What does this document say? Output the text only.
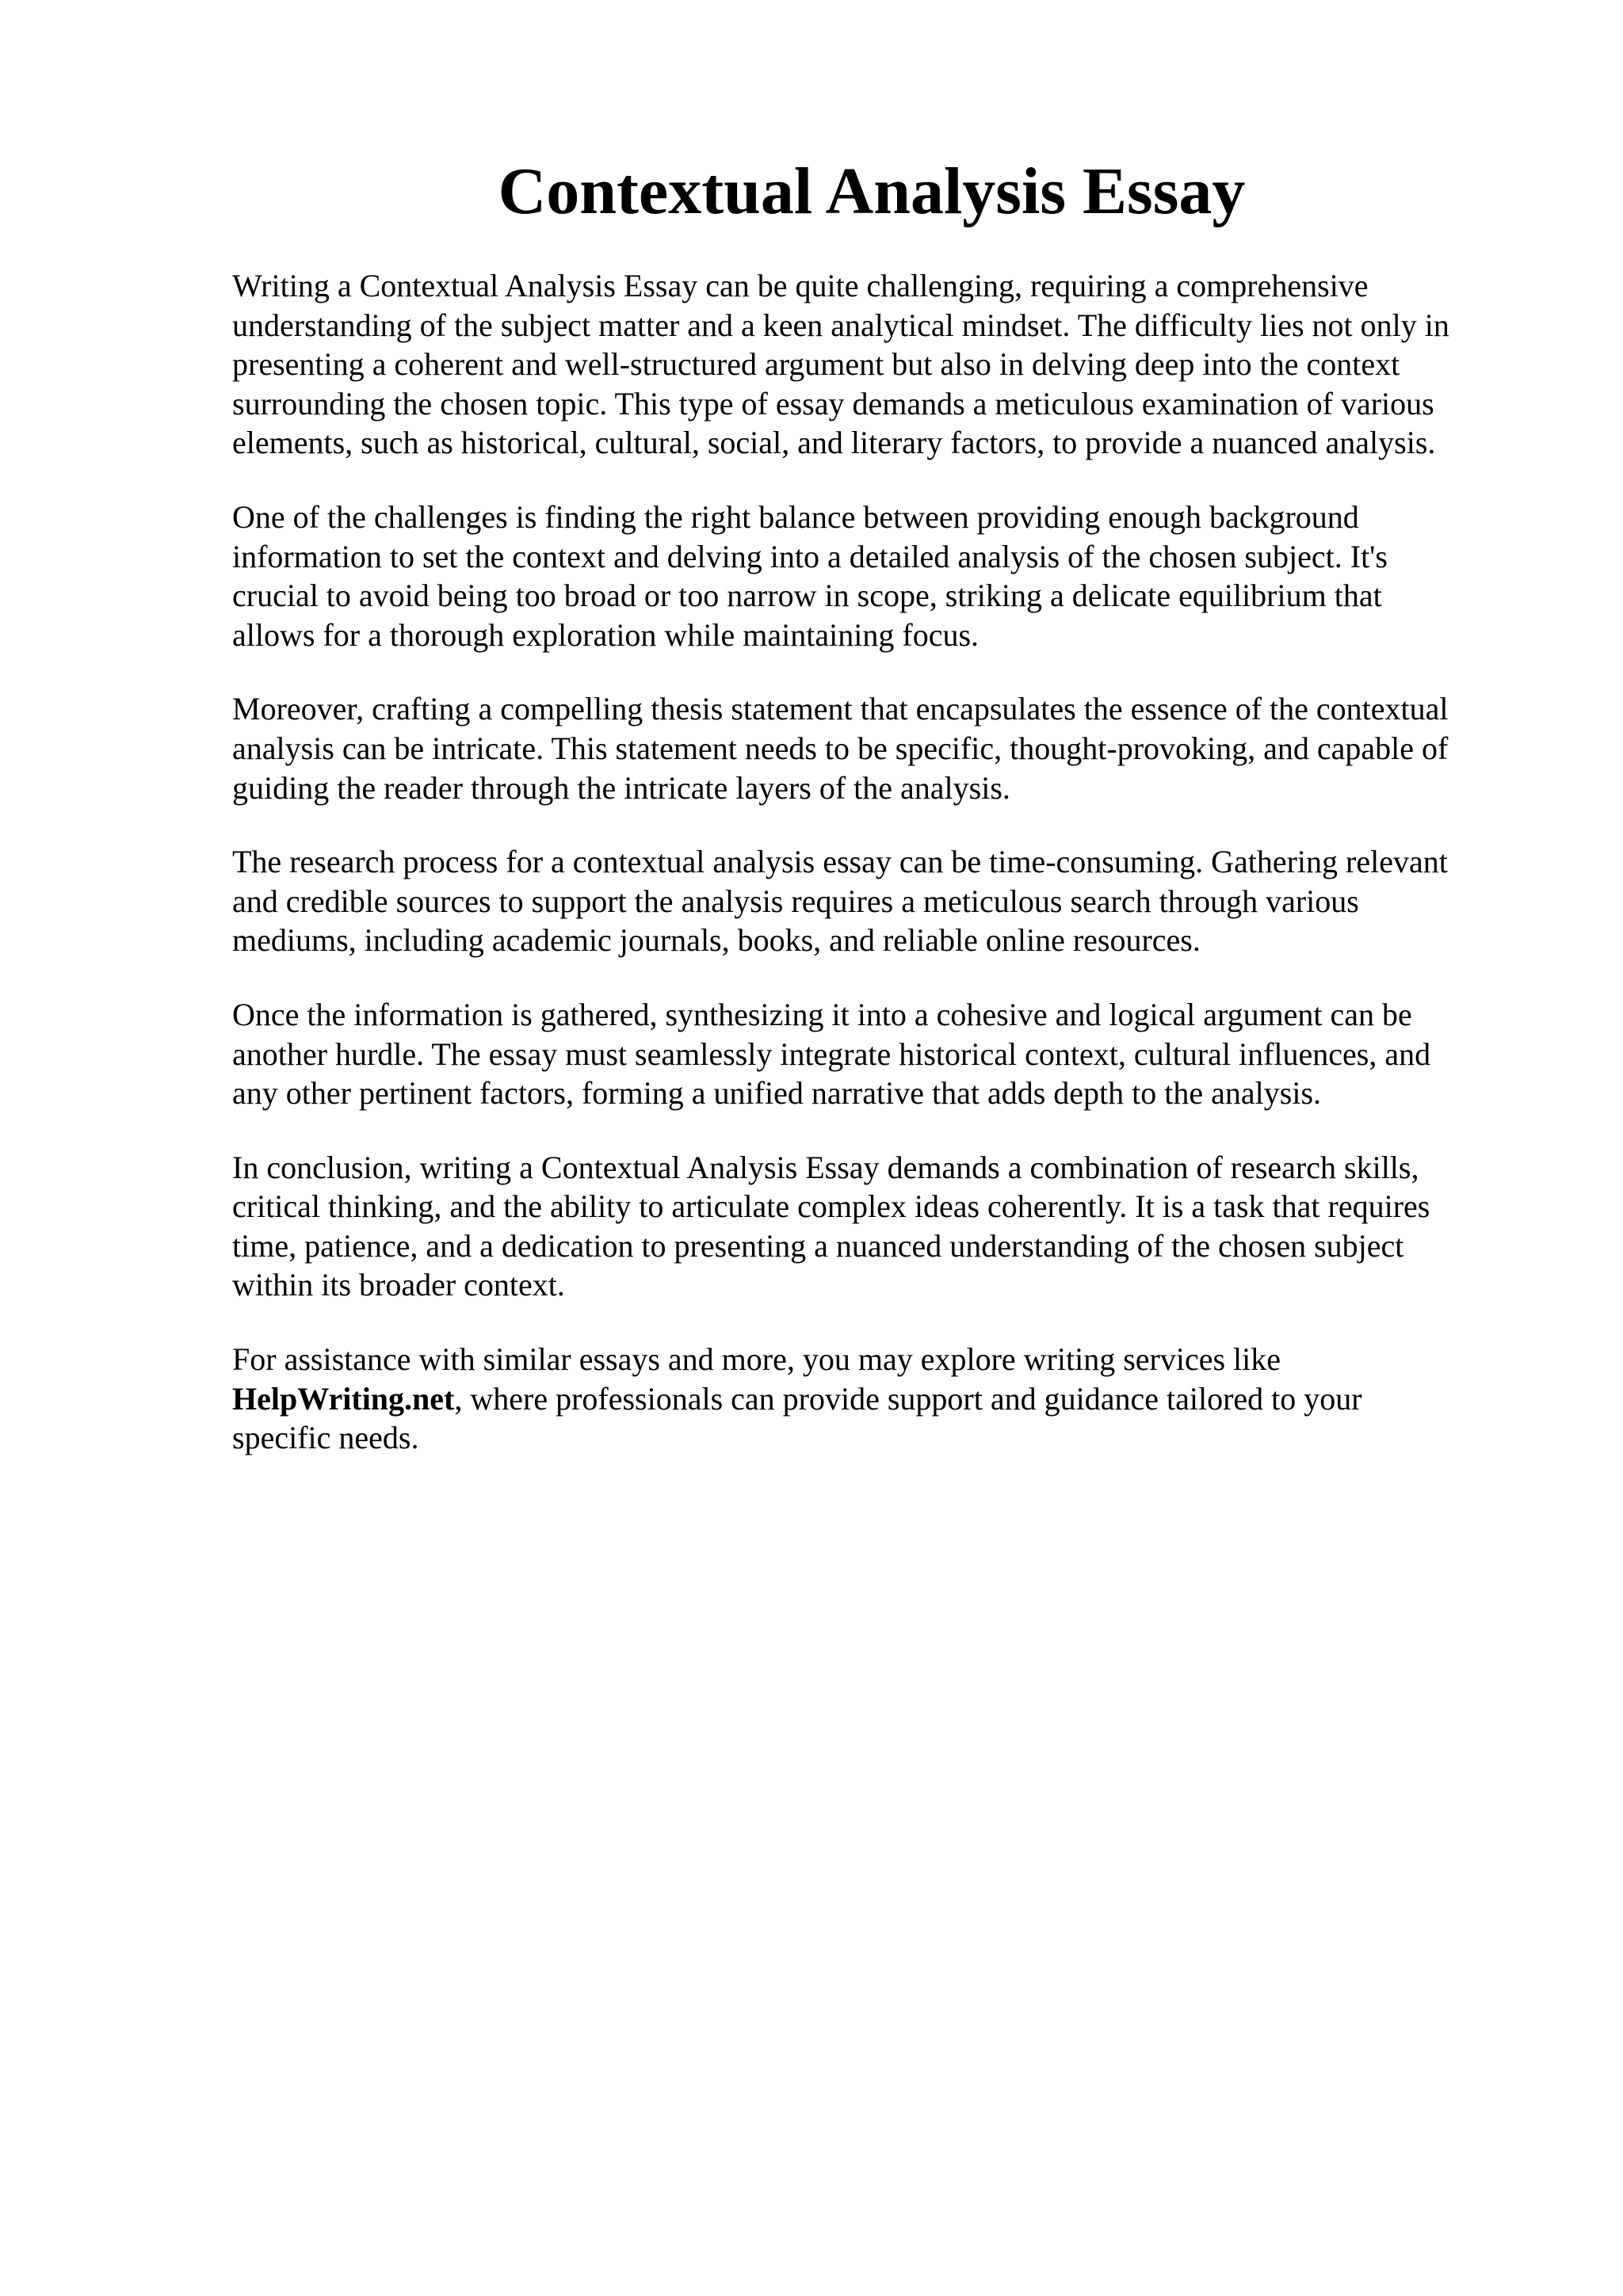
Contextual Analysis Essay

Writing a Contextual Analysis Essay can be quite challenging, requiring a comprehensive
understanding of the subject matter and a keen analytical mindset. The difficulty lies not only in
presenting a coherent and well-structured argument but also in delving deep into the context
surrounding the chosen topic. This type of essay demands a meticulous examination of various
elements, such as historical, cultural, social, and literary factors, to provide a nuanced analysis.

One of the challenges is finding the right balance between providing enough background
information to set the context and delving into a detailed analysis of the chosen subject. It's
crucial to avoid being too broad or too narrow in scope, striking a delicate equilibrium that
allows for a thorough exploration while maintaining focus.

Moreover, crafting a compelling thesis statement that encapsulates the essence of the contextual
analysis can be intricate. This statement needs to be specific, thought-provoking, and capable of
guiding the reader through the intricate layers of the analysis.

The research process for a contextual analysis essay can be time-consuming. Gathering relevant
and credible sources to support the analysis requires a meticulous search through various
mediums, including academic journals, books, and reliable online resources.

Once the information is gathered, synthesizing it into a cohesive and logical argument can be
another hurdle. The essay must seamlessly integrate historical context, cultural influences, and
any other pertinent factors, forming a unified narrative that adds depth to the analysis.

In conclusion, writing a Contextual Analysis Essay demands a combination of research skills,
critical thinking, and the ability to articulate complex ideas coherently. It is a task that requires
time, patience, and a dedication to presenting a nuanced understanding of the chosen subject
within its broader context.

For assistance with similar essays and more, you may explore writing services like
HelpWriting.net, where professionals can provide support and guidance tailored to your
specific needs.
